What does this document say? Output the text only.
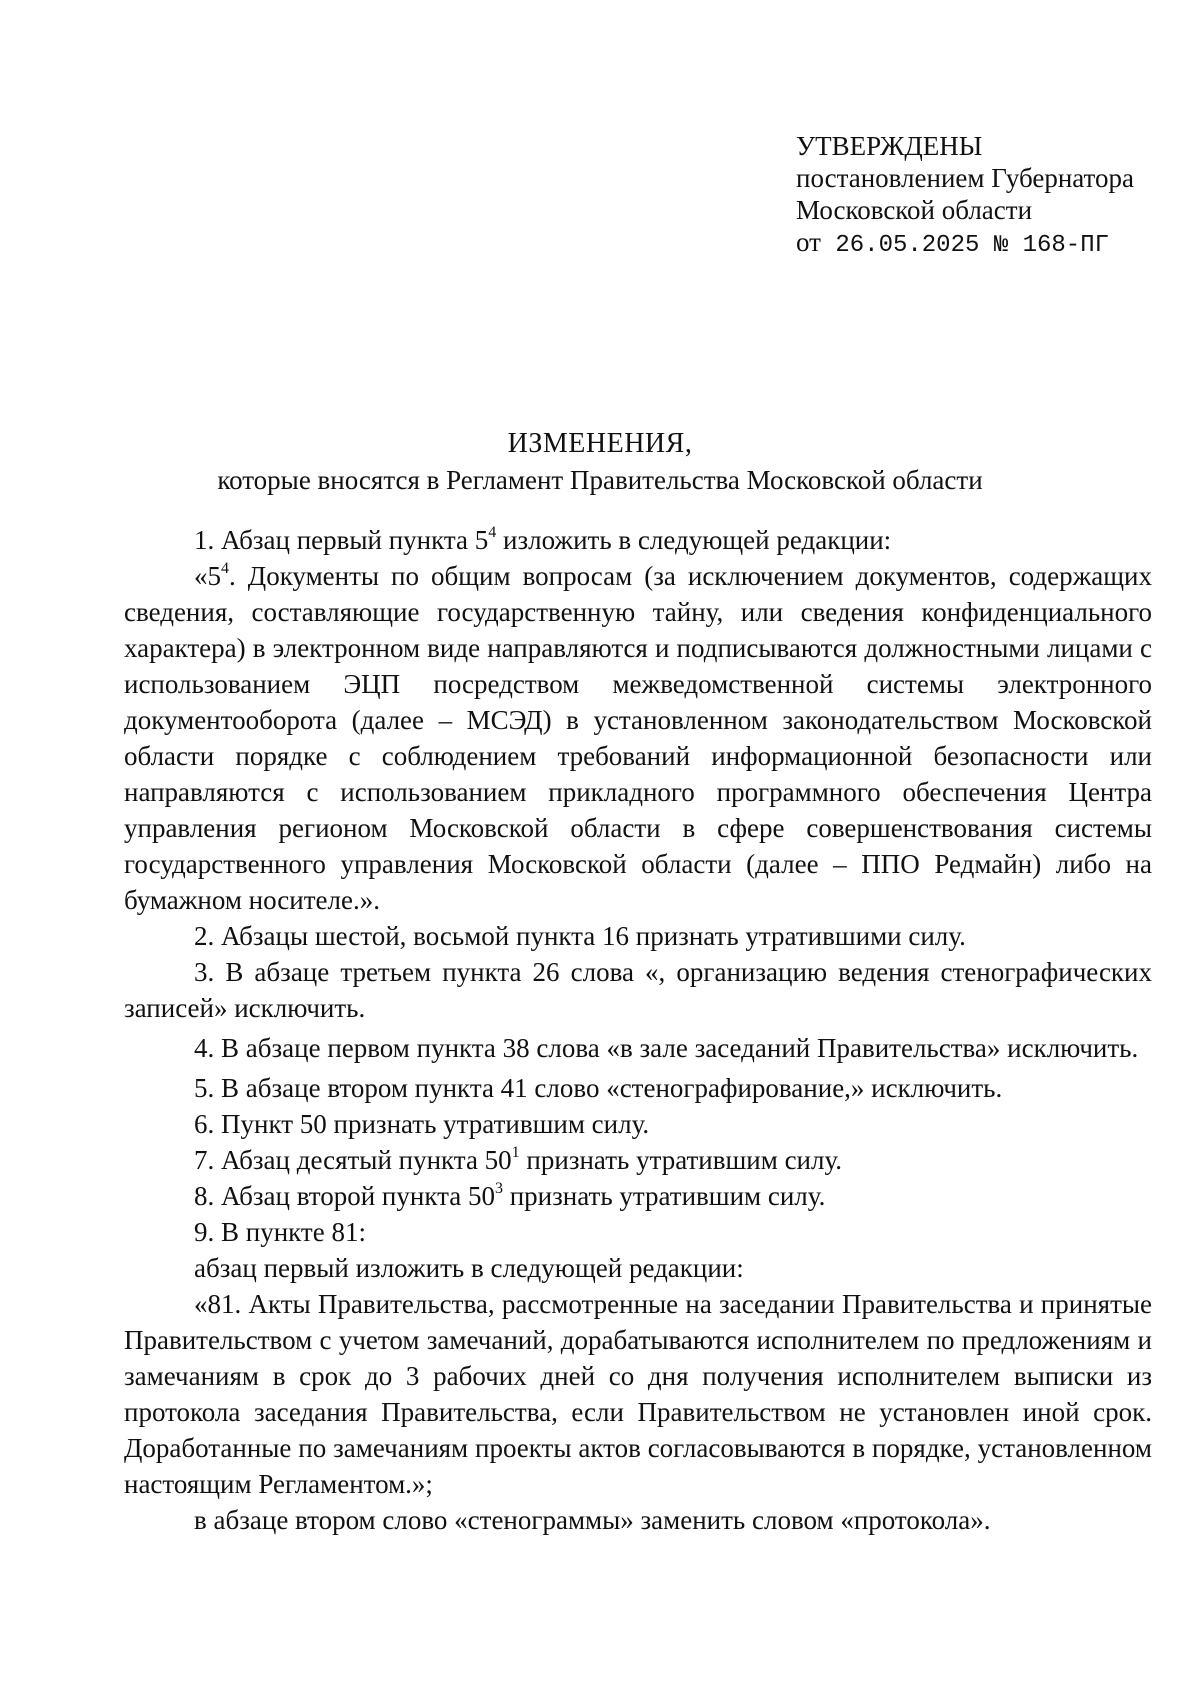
УТВЕРЖДЕНЫ
постановлением Губернатора
Московской области
от 26.05.2025 № 168-ПГ
ИЗМЕНЕНИЯ,
которые вносятся в Регламент Правительства Московской области

1. Абзац первый пункта $5^4$ изложить в следующей редакции:

«$5^4$. Документы по общим вопросам (за исключением документов, содержащих сведения, составляющие государственную тайну, или сведения конфиденциального характера) в электронном виде направляются и подписываются должностными лицами с использованием ЭЦП посредством межведомственной системы электронного документооборота (далее – МСЭД) в установленном законодательством Московской области порядке с соблюдением требований информационной безопасности или направляются с использованием прикладного программного обеспечения Центра управления регионом Московской области в сфере совершенствования системы государственного управления Московской области (далее – ППО Редмайн) либо на бумажном носителе.».

2. Абзацы шестой, восьмой пункта 16 признать утратившими силу.

3. В абзаце третьем пункта 26 слова «, организацию ведения стенографических записей» исключить.

4. В абзаце первом пункта 38 слова «в зале заседаний Правительства» исключить.

5. В абзаце втором пункта 41 слово «стенографирование,» исключить.

6. Пункт 50 признать утратившим силу.

7. Абзац десятый пункта $50^1$ признать утратившим силу.

8. Абзац второй пункта $50^3$ признать утратившим силу.

9. В пункте 81:

абзац первый изложить в следующей редакции:

«81. Акты Правительства, рассмотренные на заседании Правительства и принятые Правительством с учетом замечаний, дорабатываются исполнителем по предложениям и замечаниям в срок до 3 рабочих дней со дня получения исполнителем выписки из протокола заседания Правительства, если Правительством не установлен иной срок. Доработанные по замечаниям проекты актов согласовываются в порядке, установленном настоящим Регламентом.»;

в абзаце втором слово «стенограммы» заменить словом «протокола».
